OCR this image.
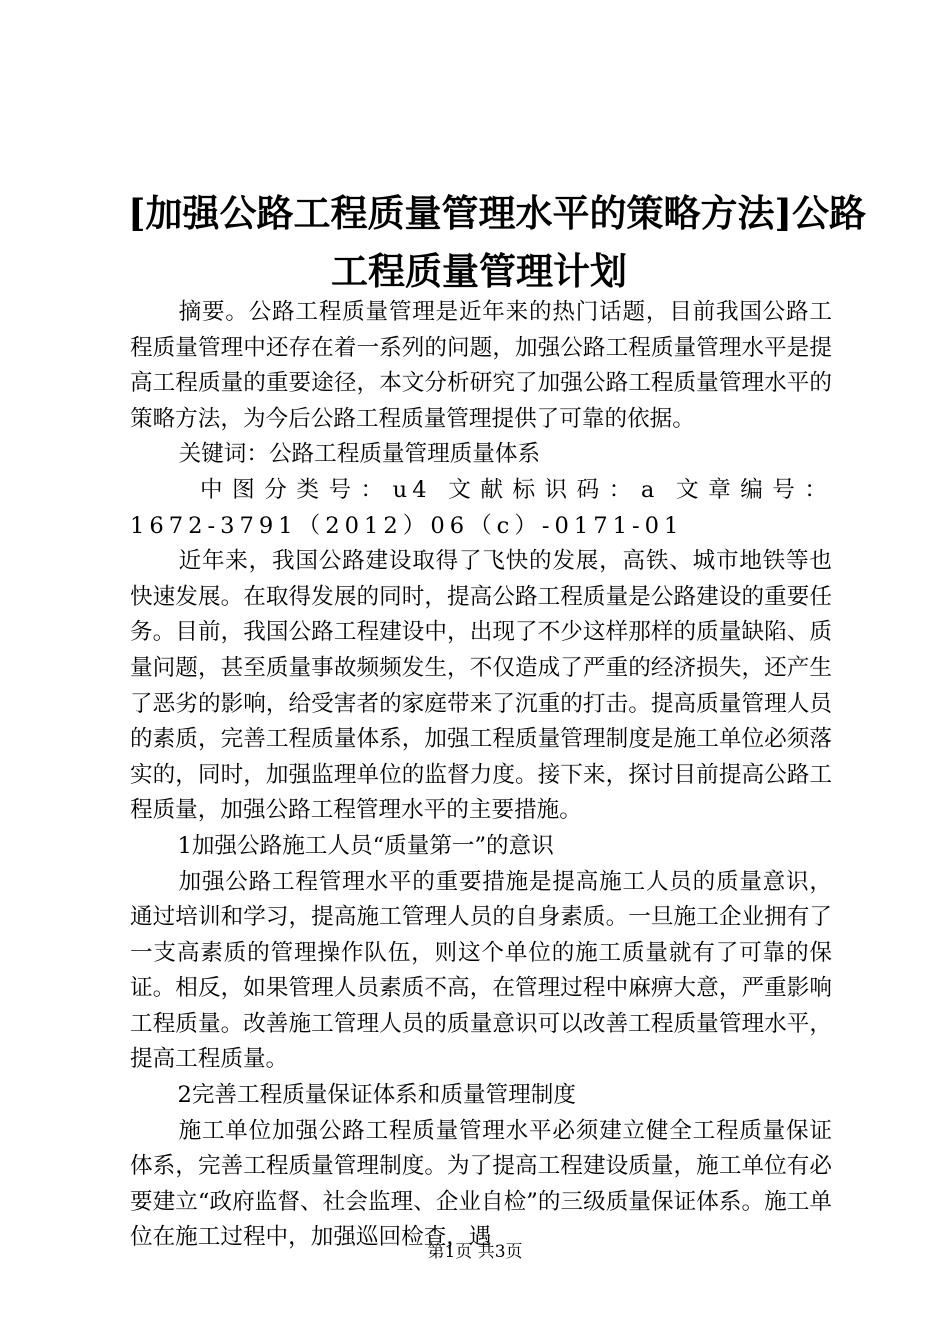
[加强公路工程质量管理水平的策略方法]公路
工程质量管理计划

摘要。公路工程质量管理是近年来的热门话题，目前我国公路工程质量管理中还存在着一系列的问题，加强公路工程质量管理水平是提高工程质量的重要途径，本文分析研究了加强公路工程质量管理水平的策略方法，为今后公路工程质量管理提供了可靠的依据。

关键词：公路工程质量管理质量体系

中图分类号：u4 文献标识码：a 文章编号：1672-3791（2012）06（c）-0171-01

近年来，我国公路建设取得了飞快的发展，高铁、城市地铁等也快速发展。在取得发展的同时，提高公路工程质量是公路建设的重要任务。目前，我国公路工程建设中，出现了不少这样那样的质量缺陷、质量问题，甚至质量事故频频发生，不仅造成了严重的经济损失，还产生了恶劣的影响，给受害者的家庭带来了沉重的打击。提高质量管理人员的素质，完善工程质量体系，加强工程质量管理制度是施工单位必须落实的，同时，加强监理单位的监督力度。接下来，探讨目前提高公路工程质量，加强公路工程管理水平的主要措施。

1加强公路施工人员“质量第一”的意识

加强公路工程管理水平的重要措施是提高施工人员的质量意识，通过培训和学习，提高施工管理人员的自身素质。一旦施工企业拥有了一支高素质的管理操作队伍，则这个单位的施工质量就有了可靠的保证。相反，如果管理人员素质不高，在管理过程中麻痹大意，严重影响工程质量。改善施工管理人员的质量意识可以改善工程质量管理水平，提高工程质量。

2完善工程质量保证体系和质量管理制度

施工单位加强公路工程质量管理水平必须建立健全工程质量保证体系，完善工程质量管理制度。为了提高工程建设质量，施工单位有必要建立“政府监督、社会监理、企业自检”的三级质量保证体系。施工单位在施工过程中，加强巡回检查，遇

第1页 共3页
